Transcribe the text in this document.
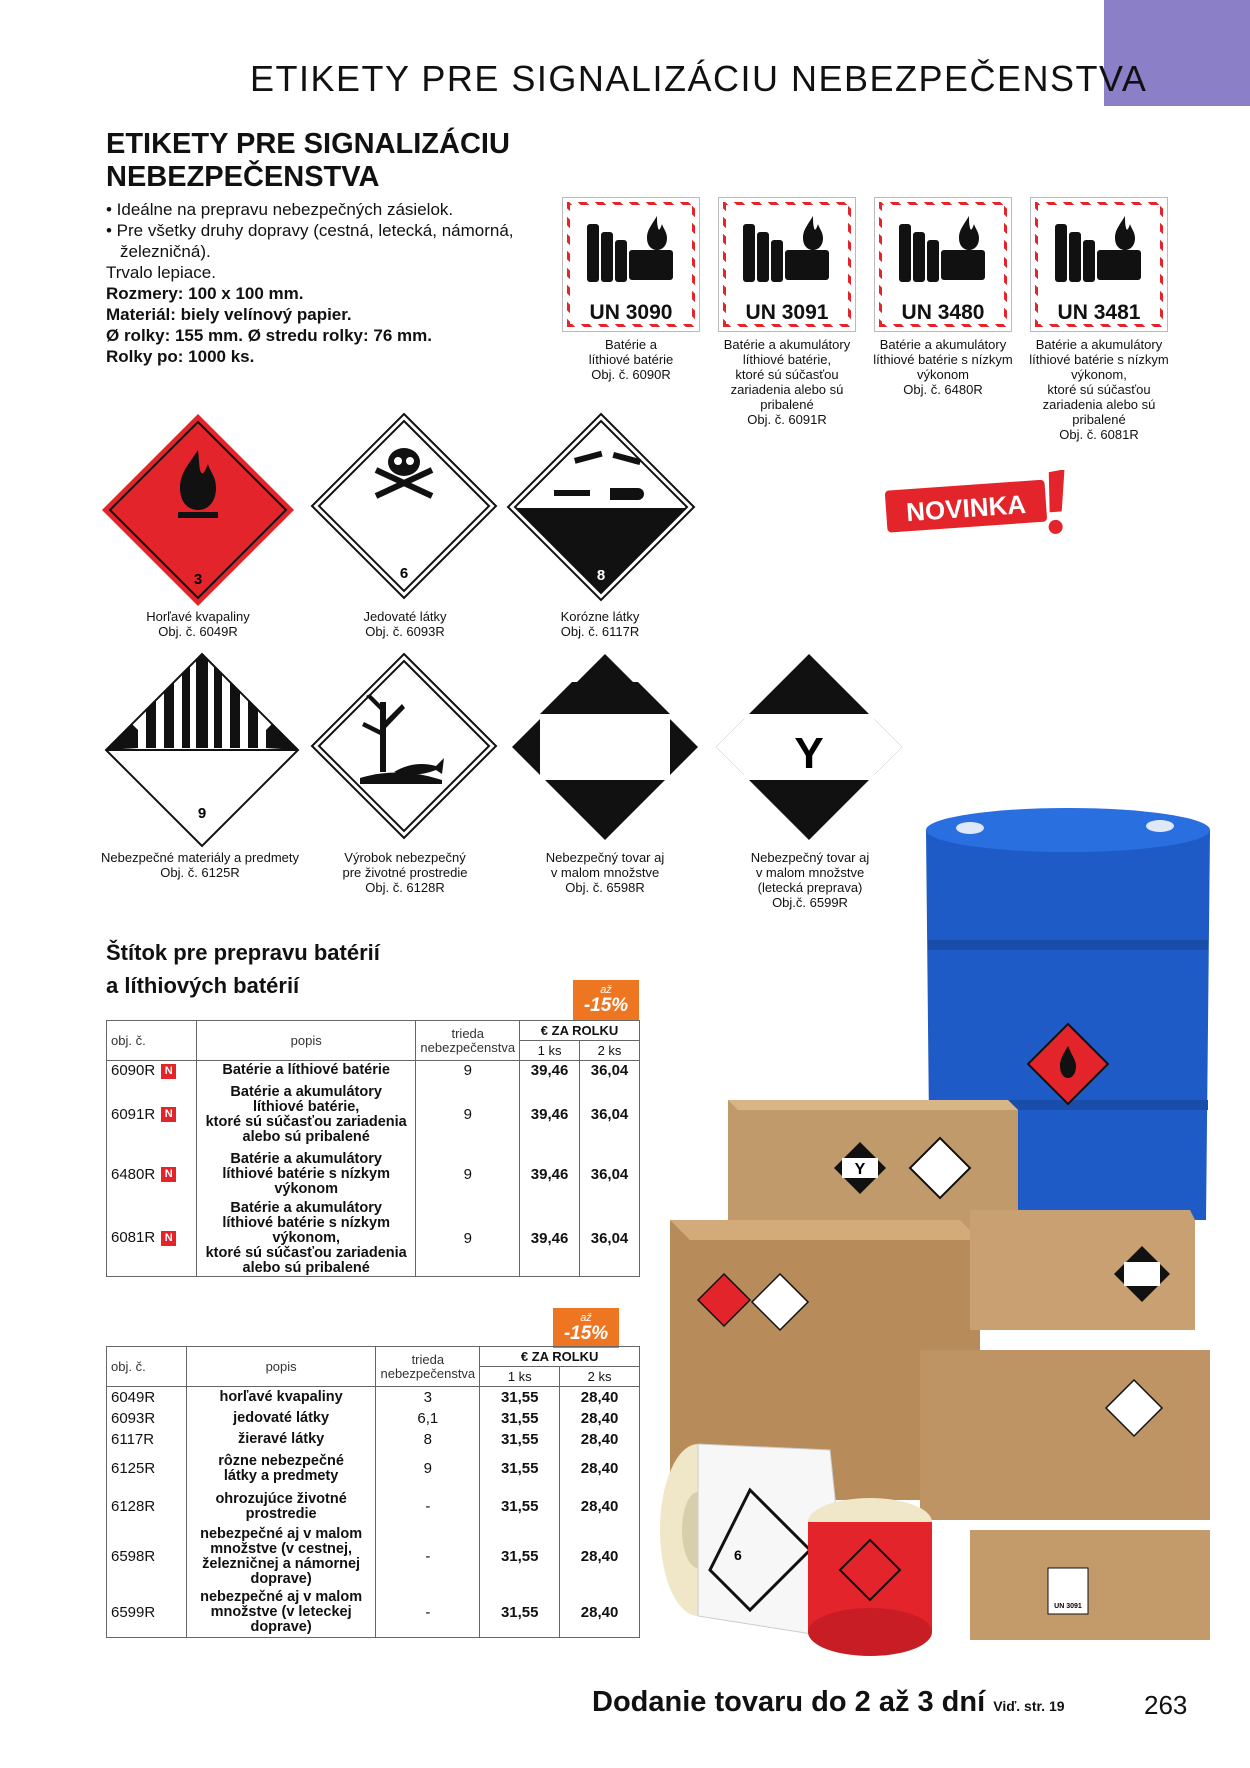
ETIKETY PRE SIGNALIZÁCIU NEBEZPEČENSTVA
ETIKETY PRE SIGNALIZÁCIU
NEBEZPEČENSTVA
• Ideálne na prepravu nebezpečných zásielok.
• Pre všetky druhy dopravy (cestná, letecká, námorná,
železničná).
Trvalo lepiace.
Rozmery: 100 x 100 mm.
Materiál: biely velínový papier.
Ø rolky: 155 mm. Ø stredu rolky: 76 mm.
Rolky po: 1000 ks.
UN 3090
Batérie a
líthiové batérie
Obj. č. 6090R
UN 3091
Batérie a akumulátory
líthiové batérie,
ktoré sú súčasťou
zariadenia alebo sú
pribalené
Obj. č. 6091R
UN 3480
Batérie a akumulátory
líthiové batérie s nízkym
výkonom
Obj. č. 6480R
UN 3481
Batérie a akumulátory
líthiové batérie s nízkym
výkonom,
ktoré sú súčasťou
zariadenia alebo sú
pribalené
Obj. č. 6081R
NOVINKA
3
Horľavé kvapaliny
Obj. č. 6049R
6
Jedovaté látky
Obj. č. 6093R
8
Korózne látky
Obj. č. 6117R
9
Nebezpečné materiály a predmety
Obj. č. 6125R
Výrobok nebezpečný
pre životné prostredie
Obj. č. 6128R
Nebezpečný tovar aj
v malom množstve
Obj. č. 6598R
Y
Nebezpečný tovar aj
v malom množstve
(letecká preprava)
Obj.č. 6599R
Y
UN 3091
6
Štítok pre prepravu batérií
a líthiových batérií	až
-15%
obj. č.	popis	trieda
nebezpečenstva	€ ZA ROLKU	
			1 ks	2 ks
6090R N	Batérie a líthiové batérie	9	39,46	36,04
6091R N	Batérie a akumulátory
líthiové batérie,
ktoré sú súčasťou zariadenia
alebo sú pribalené	9	39,46	36,04
6480R N	Batérie a akumulátory
líthiové batérie s nízkym
výkonom	9	39,46	36,04
6081R N	Batérie a akumulátory
líthiové batérie s nízkym
výkonom,
ktoré sú súčasťou zariadenia
alebo sú pribalené	9	39,46	36,04
až
-15%
obj. č.	popis	trieda
nebezpečenstva	€ ZA ROLKU	
			1 ks	2 ks
6049R	horľavé kvapaliny	3	31,55	28,40
6093R	jedovaté látky	6,1	31,55	28,40
6117R	žieravé látky	8	31,55	28,40
6125R	rôzne nebezpečné
látky a predmety	9	31,55	28,40
6128R	ohrozujúce životné
prostredie	-	31,55	28,40
6598R	nebezpečné aj v malom
množstve (v cestnej,
železničnej a námornej
doprave)	-	31,55	28,40
6599R	nebezpečné aj v malom
množstve (v leteckej
doprave)	-	31,55	28,40
Dodanie tovaru do 2 až 3 dní Viď. str. 19	263
